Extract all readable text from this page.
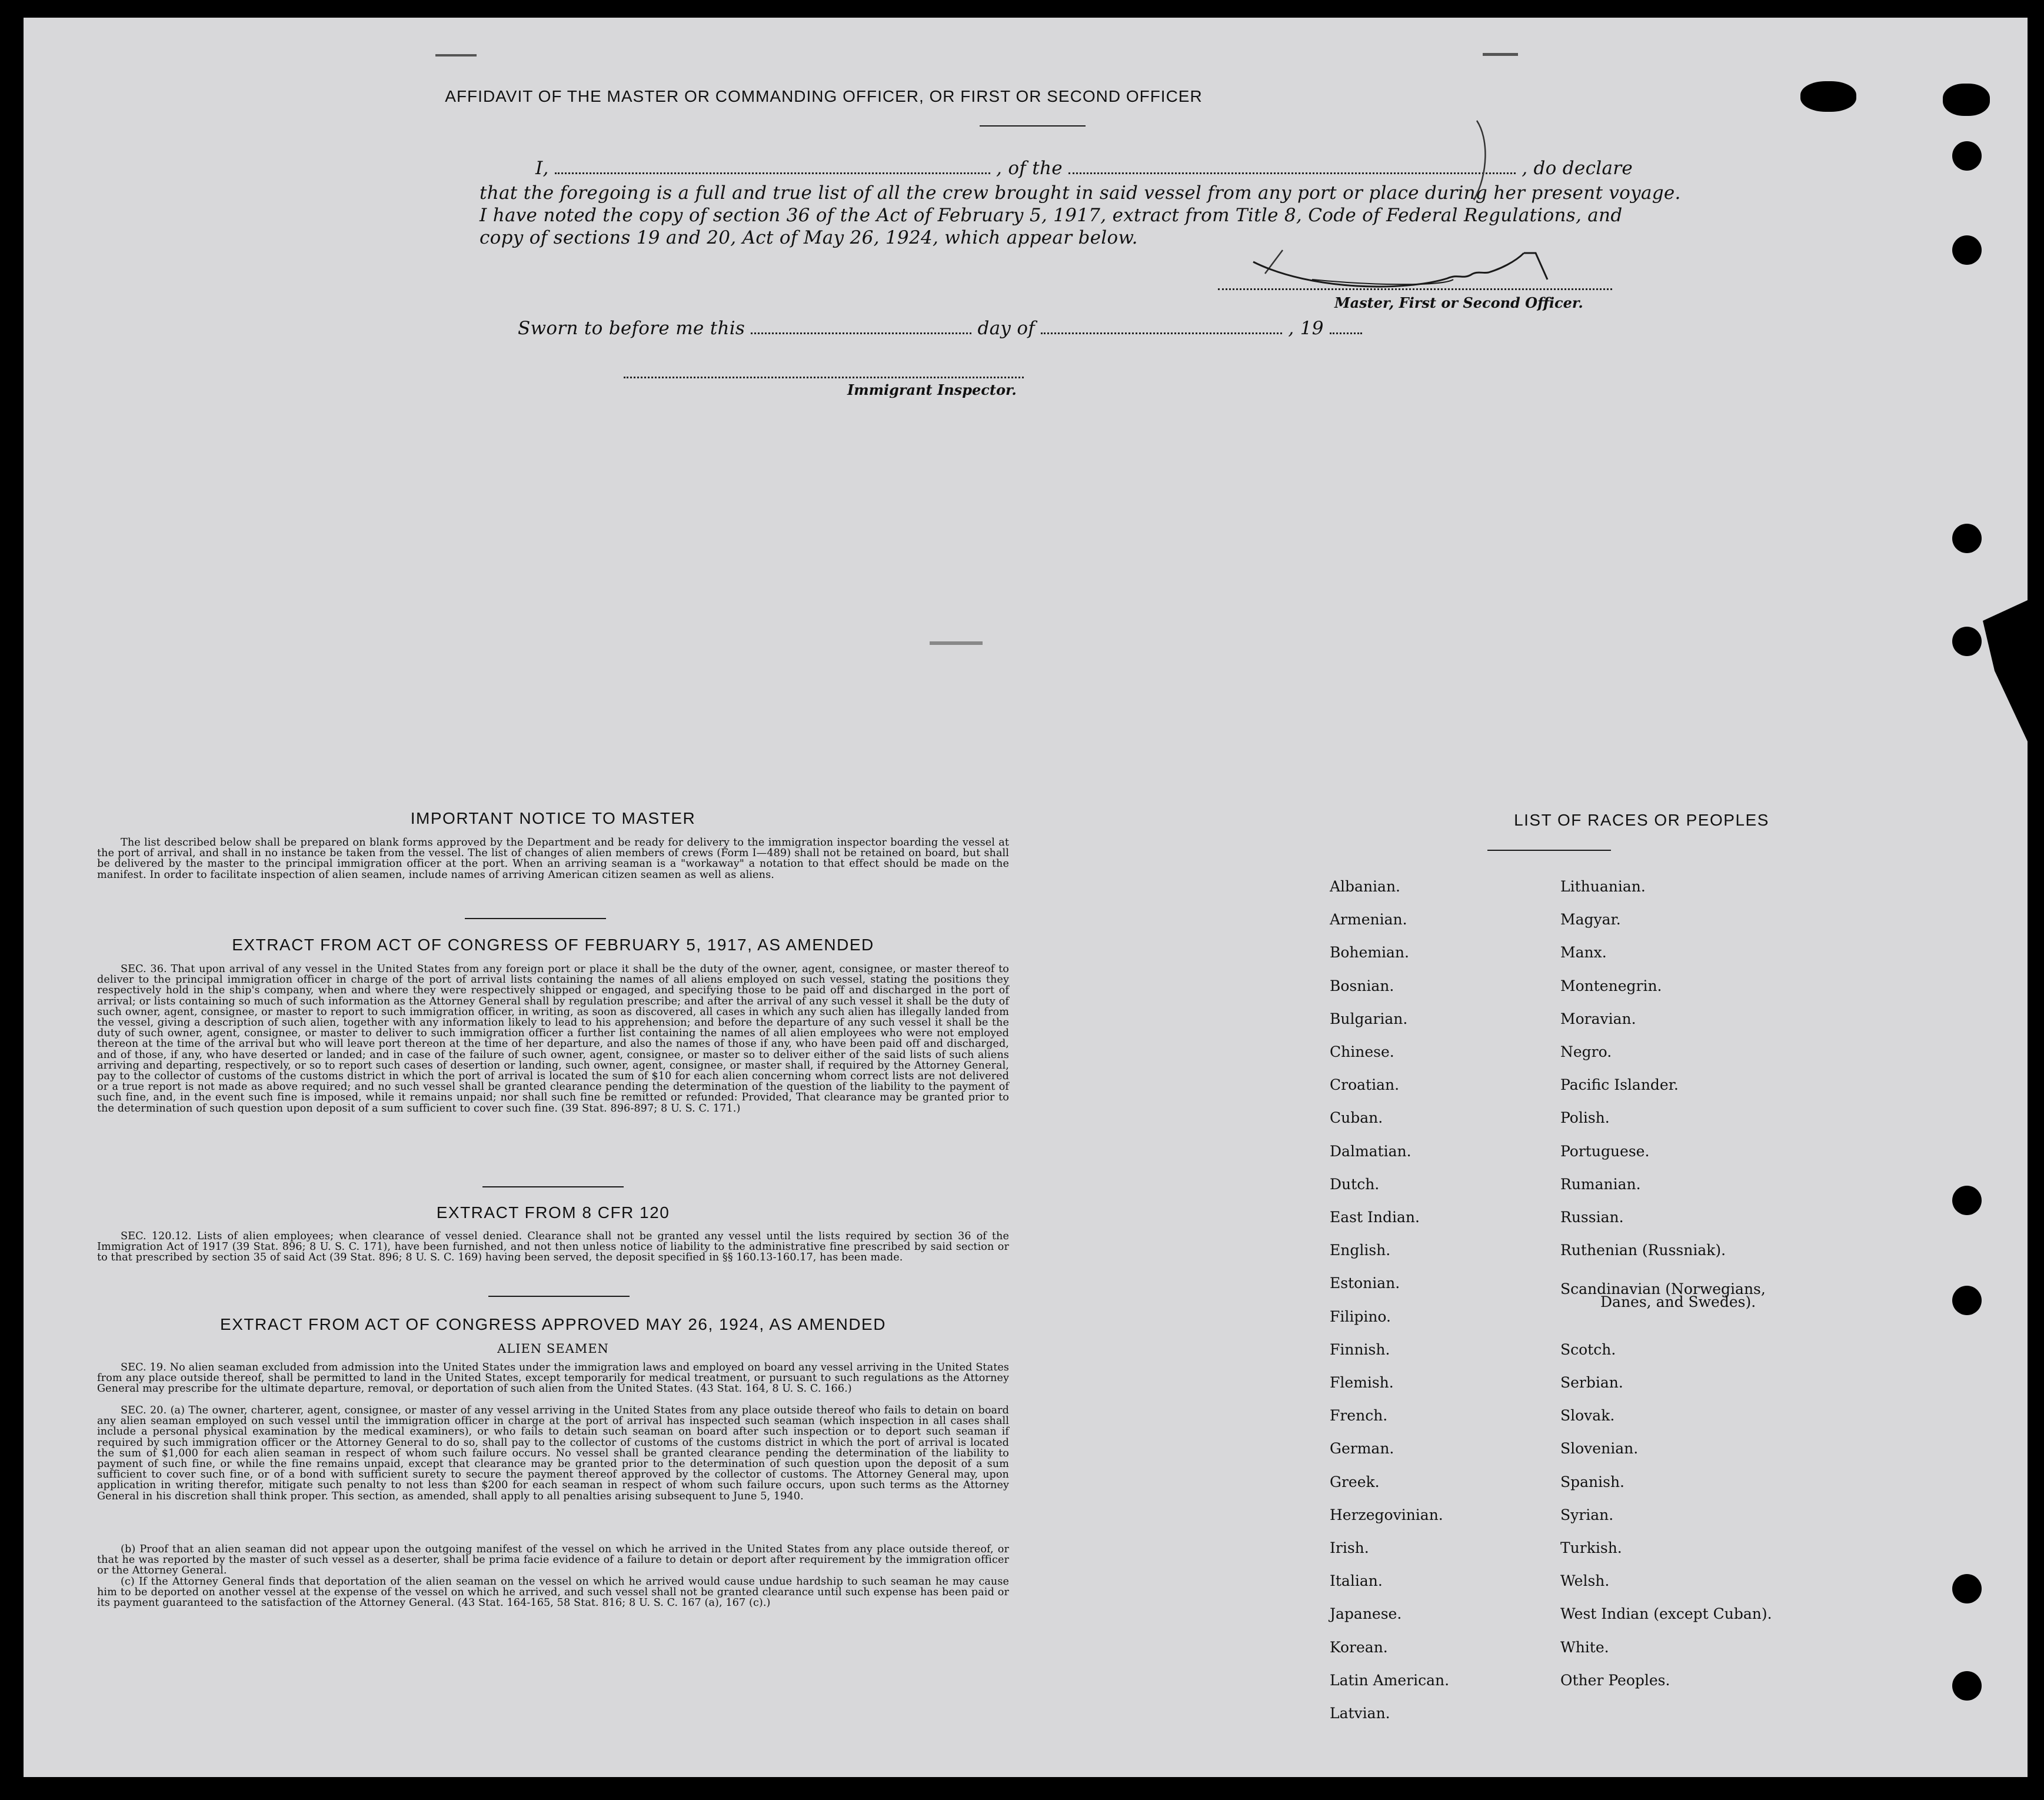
AFFIDAVIT OF THE MASTER OR COMMANDING OFFICER, OR FIRST OR SECOND OFFICER
I,	, of the	, do declare
that the foregoing is a full and true list of all the crew brought in said vessel from any port or place during her present voyage.
I have noted the copy of section 36 of the Act of February 5, 1917, extract from Title 8, Code of Federal Regulations, and
copy of sections 19 and 20, Act of May 26, 1924, which appear below.
Master, First or Second Officer.
Sworn to before me this	day of	, 19
Immigrant Inspector.
IMPORTANT NOTICE TO MASTER
The list described below shall be prepared on blank forms approved by the Department and be ready for delivery to the immigration inspector boarding the vessel at the port of arrival, and shall in no instance be taken from the vessel. The list of changes of alien members of crews (Form I—489) shall not be retained on board, but shall be delivered by the master to the principal immigration officer at the port. When an arriving seaman is a "workaway" a notation to that effect should be made on the manifest. In order to facilitate inspection of alien seamen, include names of arriving American citizen seamen as well as aliens.
EXTRACT FROM ACT OF CONGRESS OF FEBRUARY 5, 1917, AS AMENDED
SEC. 36. That upon arrival of any vessel in the United States from any foreign port or place it shall be the duty of the owner, agent, consignee, or master thereof to deliver to the principal immigration officer in charge of the port of arrival lists containing the names of all aliens employed on such vessel, stating the positions they respectively hold in the ship's company, when and where they were respectively shipped or engaged, and specifying those to be paid off and discharged in the port of arrival; or lists containing so much of such information as the Attorney General shall by regulation prescribe; and after the arrival of any such vessel it shall be the duty of such owner, agent, consignee, or master to report to such immigration officer, in writing, as soon as discovered, all cases in which any such alien has illegally landed from the vessel, giving a description of such alien, together with any information likely to lead to his apprehension; and before the departure of any such vessel it shall be the duty of such owner, agent, consignee, or master to deliver to such immigration officer a further list containing the names of all alien employees who were not employed thereon at the time of the arrival but who will leave port thereon at the time of her departure, and also the names of those if any, who have been paid off and discharged, and of those, if any, who have deserted or landed; and in case of the failure of such owner, agent, consignee, or master so to deliver either of the said lists of such aliens arriving and departing, respectively, or so to report such cases of desertion or landing, such owner, agent, consignee, or master shall, if required by the Attorney General, pay to the collector of customs of the customs district in which the port of arrival is located the sum of $10 for each alien concerning whom correct lists are not delivered or a true report is not made as above required; and no such vessel shall be granted clearance pending the determination of the question of the liability to the payment of such fine, and, in the event such fine is imposed, while it remains unpaid; nor shall such fine be remitted or refunded: Provided, That clearance may be granted prior to the determination of such question upon deposit of a sum sufficient to cover such fine. (39 Stat. 896-897; 8 U. S. C. 171.)
EXTRACT FROM 8 CFR 120
SEC. 120.12. Lists of alien employees; when clearance of vessel denied. Clearance shall not be granted any vessel until the lists required by section 36 of the Immigration Act of 1917 (39 Stat. 896; 8 U. S. C. 171), have been furnished, and not then unless notice of liability to the administrative fine prescribed by said section or to that prescribed by section 35 of said Act (39 Stat. 896; 8 U. S. C. 169) having been served, the deposit specified in §§ 160.13-160.17, has been made.
EXTRACT FROM ACT OF CONGRESS APPROVED MAY 26, 1924, AS AMENDED
ALIEN SEAMEN
SEC. 19. No alien seaman excluded from admission into the United States under the immigration laws and employed on board any vessel arriving in the United States from any place outside thereof, shall be permitted to land in the United States, except temporarily for medical treatment, or pursuant to such regulations as the Attorney General may prescribe for the ultimate departure, removal, or deportation of such alien from the United States. (43 Stat. 164, 8 U. S. C. 166.)
SEC. 20. (a) The owner, charterer, agent, consignee, or master of any vessel arriving in the United States from any place outside thereof who fails to detain on board any alien seaman employed on such vessel until the immigration officer in charge at the port of arrival has inspected such seaman (which inspection in all cases shall include a personal physical examination by the medical examiners), or who fails to detain such seaman on board after such inspection or to deport such seaman if required by such immigration officer or the Attorney General to do so, shall pay to the collector of customs of the customs district in which the port of arrival is located the sum of $1,000 for each alien seaman in respect of whom such failure occurs. No vessel shall be granted clearance pending the determination of the liability to payment of such fine, or while the fine remains unpaid, except that clearance may be granted prior to the determination of such question upon the deposit of a sum sufficient to cover such fine, or of a bond with sufficient surety to secure the payment thereof approved by the collector of customs. The Attorney General may, upon application in writing therefor, mitigate such penalty to not less than $200 for each seaman in respect of whom such failure occurs, upon such terms as the Attorney General in his discretion shall think proper. This section, as amended, shall apply to all penalties arising subsequent to June 5, 1940.
(b) Proof that an alien seaman did not appear upon the outgoing manifest of the vessel on which he arrived in the United States from any place outside thereof, or that he was reported by the master of such vessel as a deserter, shall be prima facie evidence of a failure to detain or deport after requirement by the immigration officer or the Attorney General.
(c) If the Attorney General finds that deportation of the alien seaman on the vessel on which he arrived would cause undue hardship to such seaman he may cause him to be deported on another vessel at the expense of the vessel on which he arrived, and such vessel shall not be granted clearance until such expense has been paid or its payment guaranteed to the satisfaction of the Attorney General. (43 Stat. 164-165, 58 Stat. 816; 8 U. S. C. 167 (a), 167 (c).)
LIST OF RACES OR PEOPLES
Danes, and Swedes).
Albanian.
Armenian.
Bohemian.
Bosnian.
Bulgarian.
Chinese.
Croatian.
Cuban.
Dalmatian.
Dutch.
East Indian.
English.
Estonian.
Filipino.
Finnish.
Flemish.
French.
German.
Greek.
Herzegovinian.
Irish.
Italian.
Japanese.
Korean.
Latin American.
Latvian.
Lithuanian.
Magyar.
Manx.
Montenegrin.
Moravian.
Negro.
Pacific Islander.
Polish.
Portuguese.
Rumanian.
Russian.
Ruthenian (Russniak).
Scandinavian (Norwegians,
Scotch.
Serbian.
Slovak.
Slovenian.
Spanish.
Syrian.
Turkish.
Welsh.
West Indian (except Cuban).
White.
Other Peoples.
